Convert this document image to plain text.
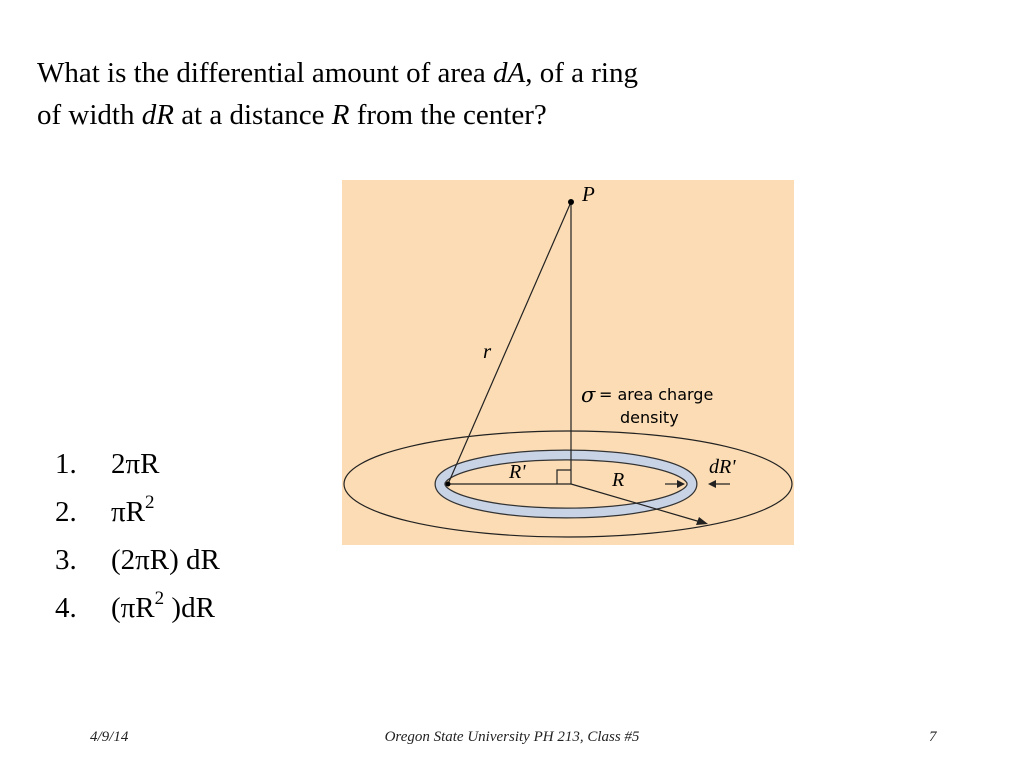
What is the differential amount of area dA, of a ring
of width dR at a distance R from the center?
P
r
σ = area charge
density
R'	R
dR'
1.	2πR
2.	$\pi R^2$
3.	(2πR) dR
4.	($\pi R^2$ )dR
4/9/14	Oregon State University PH 213, Class #5	7
